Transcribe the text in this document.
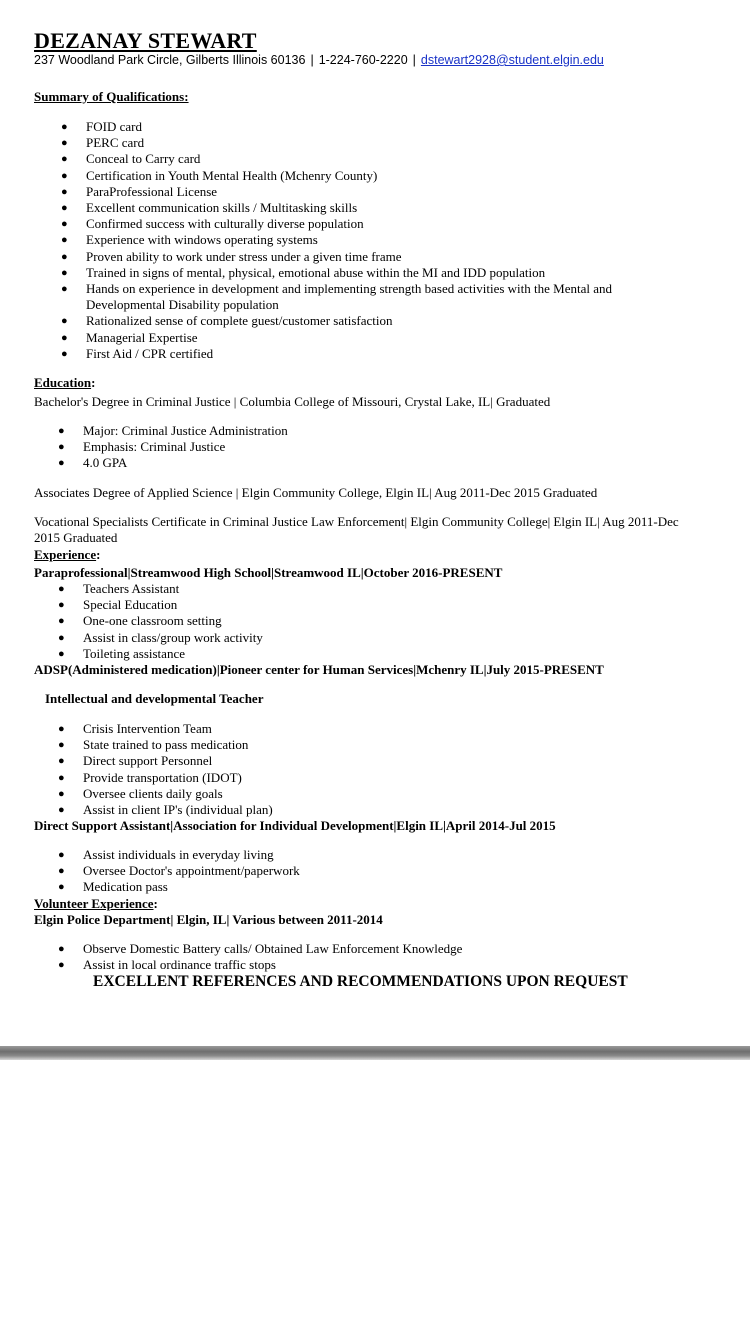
DEZANAY STEWART
237 Woodland Park Circle, Gilberts Illinois 60136 | 1-224-760-2220 | dstewart2928@student.elgin.edu
Summary of Qualifications:
● FOID card
● PERC card
● Conceal to Carry card
● Certification in Youth Mental Health (Mchenry County)
● ParaProfessional License
● Excellent communication skills / Multitasking skills
● Confirmed success with culturally diverse population
● Experience with windows operating systems
● Proven ability to work under stress under a given time frame
● Trained in signs of mental, physical, emotional abuse within the MI and IDD population
● Hands on experience in development and implementing strength based activities with the Mental and Developmental Disability population
● Rationalized sense of complete guest/customer satisfaction
● Managerial Expertise
● First Aid / CPR certified
Education:
Bachelor's Degree in Criminal Justice | Columbia College of Missouri, Crystal Lake, IL| Graduated
● Major: Criminal Justice Administration
● Emphasis: Criminal Justice
● 4.0 GPA
Associates Degree of Applied Science | Elgin Community College, Elgin IL| Aug 2011-Dec 2015 Graduated
Vocational Specialists Certificate in Criminal Justice Law Enforcement| Elgin Community College| Elgin IL| Aug 2011-Dec
2015 Graduated
Experience:
Paraprofessional|Streamwood High School|Streamwood IL|October 2016-PRESENT
● Teachers Assistant
● Special Education
● One-one classroom setting
● Assist in class/group work activity
● Toileting assistance
ADSP(Administered medication)|Pioneer center for Human Services|Mchenry IL|July 2015-PRESENT
Intellectual and developmental Teacher
● Crisis Intervention Team
● State trained to pass medication
● Direct support Personnel
● Provide transportation (IDOT)
● Oversee clients daily goals
● Assist in client IP's (individual plan)
Direct Support Assistant|Association for Individual Development|Elgin IL|April 2014-Jul 2015
● Assist individuals in everyday living
● Oversee Doctor's appointment/paperwork
● Medication pass
Volunteer Experience:
Elgin Police Department| Elgin, IL| Various between 2011-2014
● Observe Domestic Battery calls/ Obtained Law Enforcement Knowledge
● Assist in local ordinance traffic stops
EXCELLENT REFERENCES AND RECOMMENDATIONS UPON REQUEST
